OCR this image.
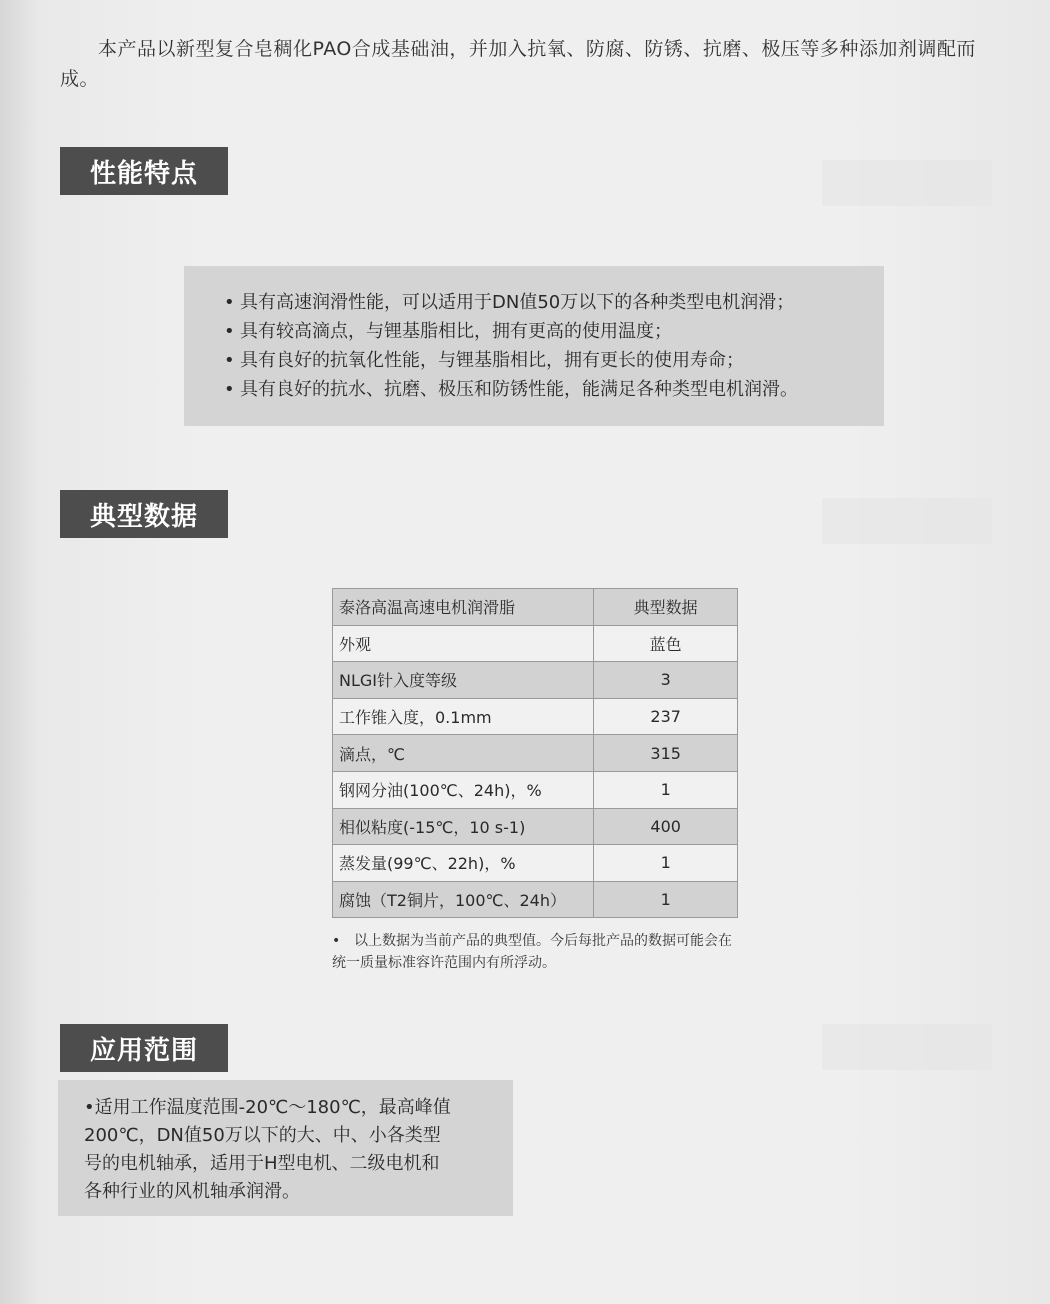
本产品以新型复合皂稠化PAO合成基础油，并加入抗氧、防腐、防锈、抗磨、极压等多种添加剂调配而成。
性能特点
• 具有高速润滑性能，可以适用于DN值50万以下的各种类型电机润滑；
• 具有较高滴点，与锂基脂相比，拥有更高的使用温度；
• 具有良好的抗氧化性能，与锂基脂相比，拥有更长的使用寿命；
• 具有良好的抗水、抗磨、极压和防锈性能，能满足各种类型电机润滑。
典型数据
泰洛高温高速电机润滑脂	典型数据
外观	蓝色
NLGI针入度等级	3
工作锥入度，0.1mm	237
滴点，℃	315
钢网分油(100℃、24h)，%	1
相似粘度(-15℃，10 s-1)	400
蒸发量(99℃、22h)，%	1
腐蚀（T2铜片，100℃、24h）	1
• 以上数据为当前产品的典型值。今后每批产品的数据可能会在统一质量标准容许范围内有所浮动。
应用范围
•适用工作温度范围-20℃～180℃，最高峰值
200℃，DN值50万以下的大、中、小各类型
号的电机轴承，适用于H型电机、二级电机和
各种行业的风机轴承润滑。
